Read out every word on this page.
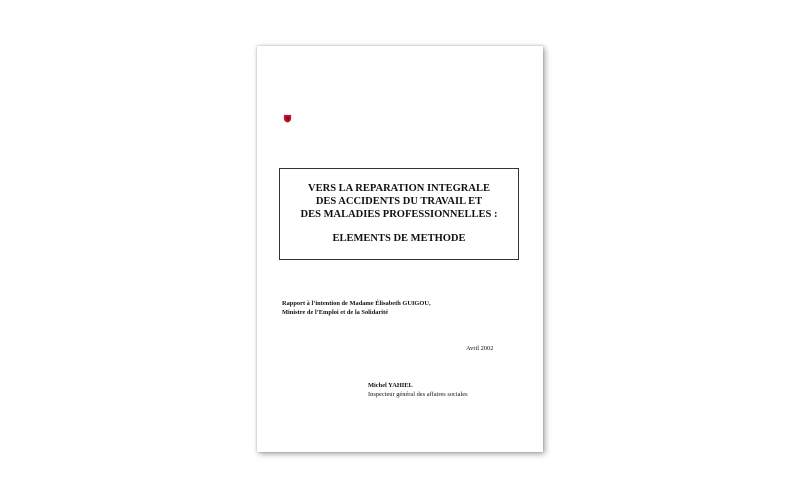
VERS LA REPARATION INTEGRALE
DES ACCIDENTS DU TRAVAIL ET
DES MALADIES PROFESSIONNELLES :
ELEMENTS DE METHODE
Rapport à l’intention de Madame Élisabeth GUIGOU,
Ministre de l’Emploi et de la Solidarité
Avril 2002
Michel YAHIEL
Inspecteur général des affaires sociales
